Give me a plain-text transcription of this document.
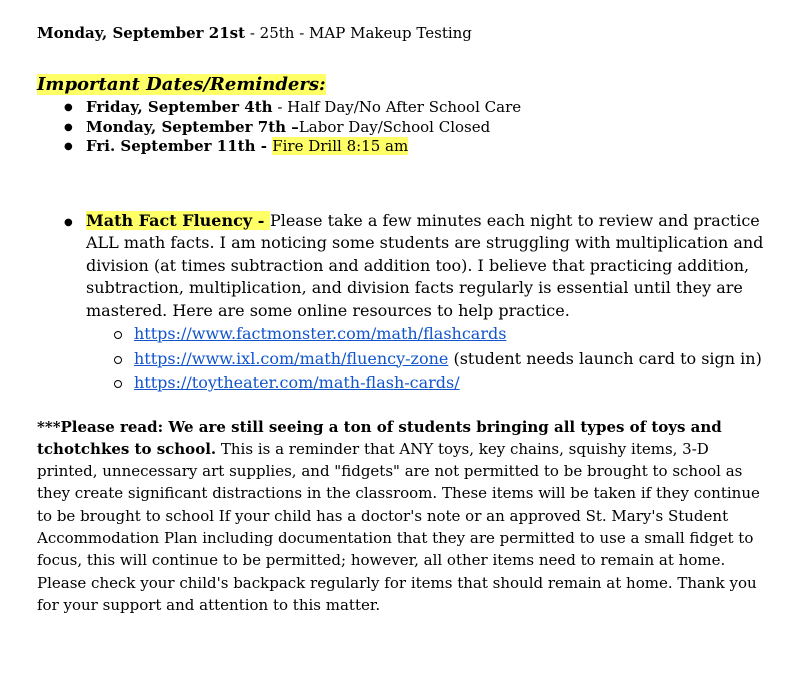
Monday, September 21st - 25th - MAP Makeup Testing

Important Dates/Reminders:
● Friday, September 4th - Half Day/No After School Care
● Monday, September 7th –Labor Day/School Closed
● Fri. September 11th - Fire Drill 8:15 am
● Math Fact Fluency - Please take a few minutes each night to review and practice ALL math facts. I am noticing some students are struggling with multiplication and division (at times subtraction and addition too). I believe that practicing addition, subtraction, multiplication, and division facts regularly is essential until they are mastered. Here are some online resources to help practice.
https://www.factmonster.com/math/flashcards
https://www.ixl.com/math/fluency-zone (student needs launch card to sign in)
https://toytheater.com/math-flash-cards/

***Please read: We are still seeing a ton of students bringing all types of toys and tchotchkes to school. This is a reminder that ANY toys, key chains, squishy items, 3-D printed, unnecessary art supplies, and "fidgets" are not permitted to be brought to school as they create significant distractions in the classroom. These items will be taken if they continue to be brought to school If your child has a doctor's note or an approved St. Mary's Student Accommodation Plan including documentation that they are permitted to use a small fidget to focus, this will continue to be permitted; however, all other items need to remain at home. Please check your child's backpack regularly for items that should remain at home. Thank you for your support and attention to this matter.
